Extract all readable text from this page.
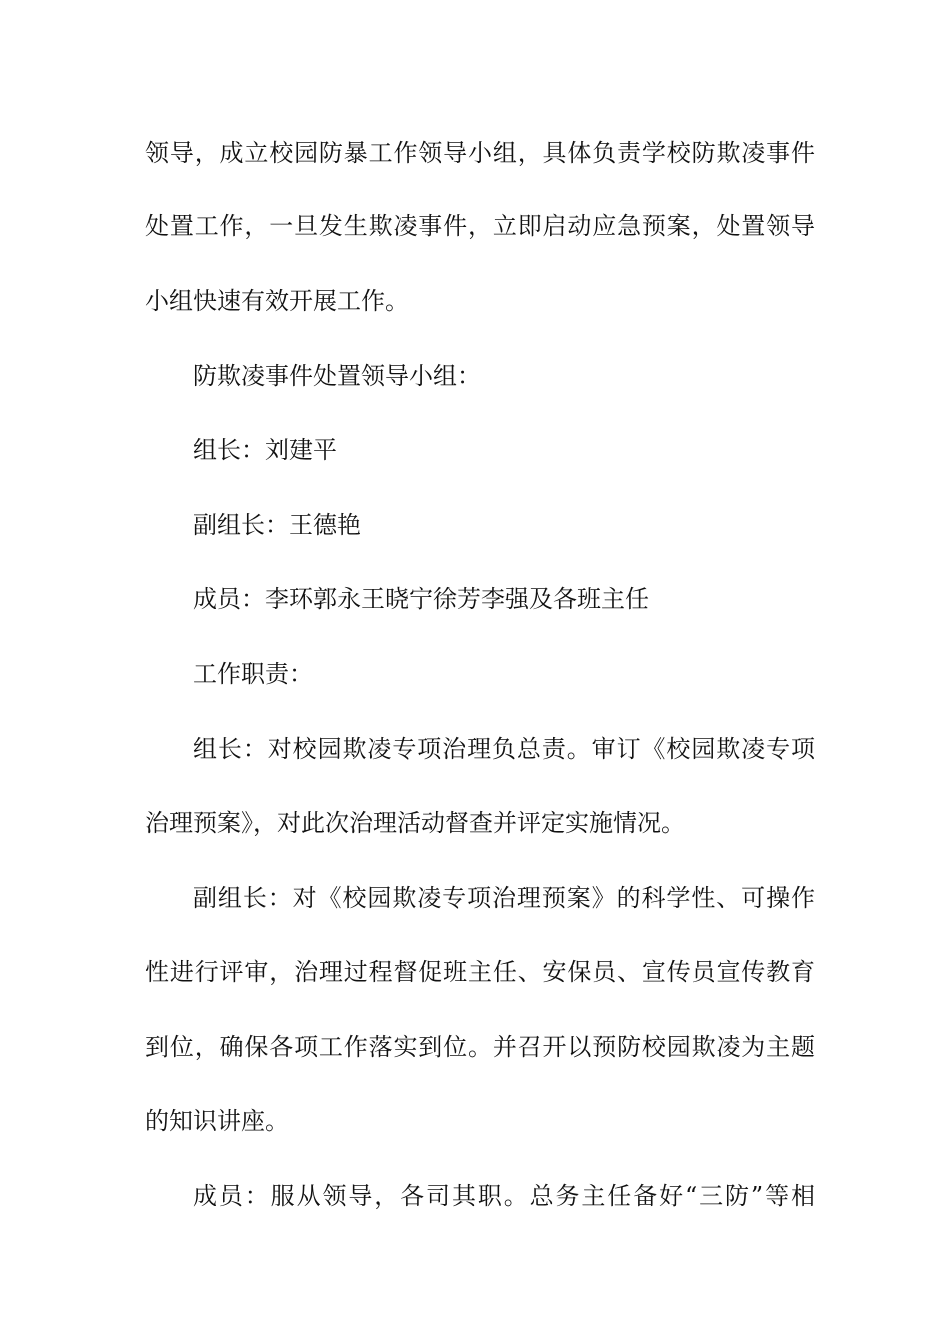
领导，成立校园防暴工作领导小组，具体负责学校防欺凌事件
处置工作，一旦发生欺凌事件，立即启动应急预案，处置领导
小组快速有效开展工作。
防欺凌事件处置领导小组：
组长：刘建平
副组长：王德艳
成员：李环郭永王晓宁徐芳李强及各班主任
工作职责：
组长：对校园欺凌专项治理负总责。审订《校园欺凌专项
治理预案》，对此次治理活动督查并评定实施情况。
副组长：对《校园欺凌专项治理预案》的科学性、可操作
性进行评审，治理过程督促班主任、安保员、宣传员宣传教育
到位，确保各项工作落实到位。并召开以预防校园欺凌为主题
的知识讲座。
成员：服从领导，各司其职。总务主任备好“三防”等相
